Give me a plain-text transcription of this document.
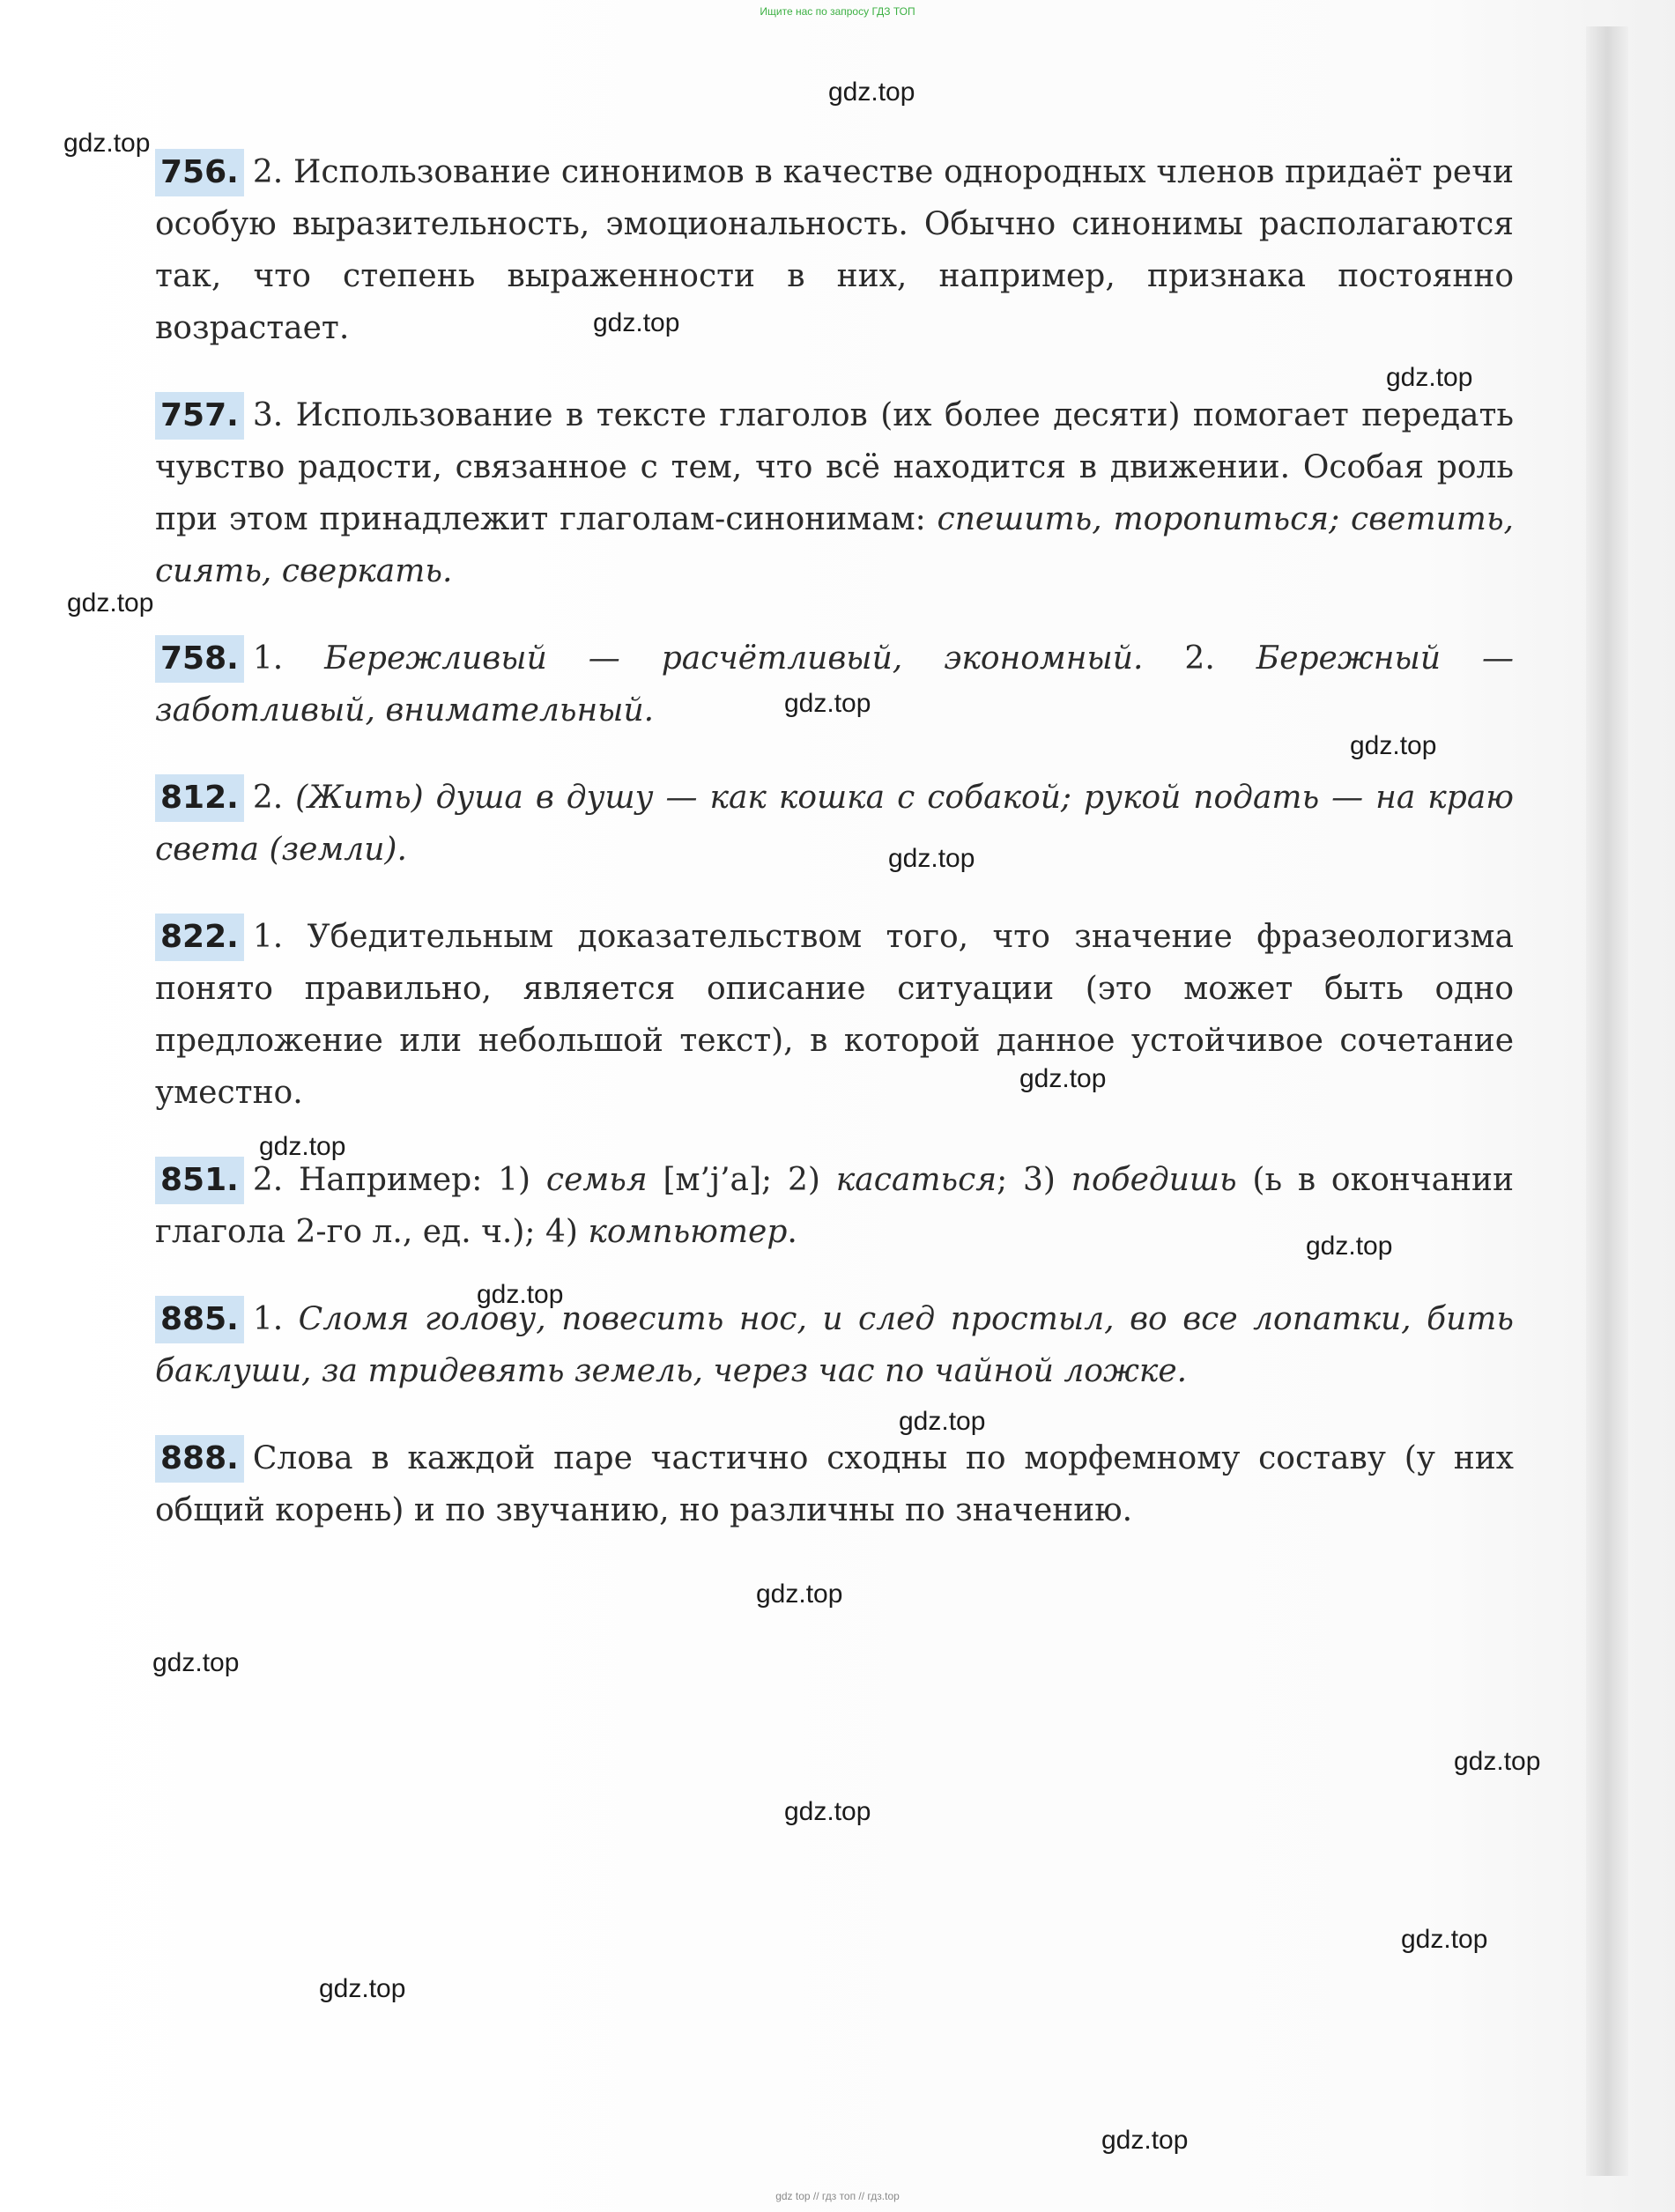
Ищите нас по запросу ГДЗ ТОП
gdz top // гдз топ // гдз.top
gdz.top
gdz.top
gdz.top
gdz.top
gdz.top
gdz.top
gdz.top
gdz.top
gdz.top
gdz.top
gdz.top
gdz.top
gdz.top
gdz.top
gdz.top
gdz.top
gdz.top
gdz.top
gdz.top
gdz.top
756. 2. Использование синонимов в качестве однородных членов придаёт речи особую выразительность, эмоциональность. Обычно синонимы располагаются так, что степень выраженности в них, например, признака постоянно возрастает.
757. 3. Использование в тексте глаголов (их более десяти) помогает передать чувство радости, связанное с тем, что всё находится в движении. Особая роль при этом принадлежит глаголам-синонимам: спешить, торопиться; светить, сиять, сверкать.
758. 1. Бережливый — расчётливый, экономный. 2. Бережный — заботливый, внимательный.
812. 2. (Жить) душа в душу — как кошка с собакой; рукой подать — на краю света (земли).
822. 1. Убедительным доказательством того, что значение фразеологизма понято правильно, является описание ситуации (это может быть одно предложение или небольшой текст), в которой данное устойчивое сочетание уместно.
851. 2. Например: 1) семья [м’j’а]; 2) касаться; 3) победишь (ь в окончании глагола 2-го л., ед. ч.); 4) компьютер.
885. 1. Сломя голову, повесить нос, и след простыл, во все лопатки, бить баклуши, за тридевять земель, через час по чайной ложке.
888. Слова в каждой паре частично сходны по морфемному составу (у них общий корень) и по звучанию, но различны по значению.
